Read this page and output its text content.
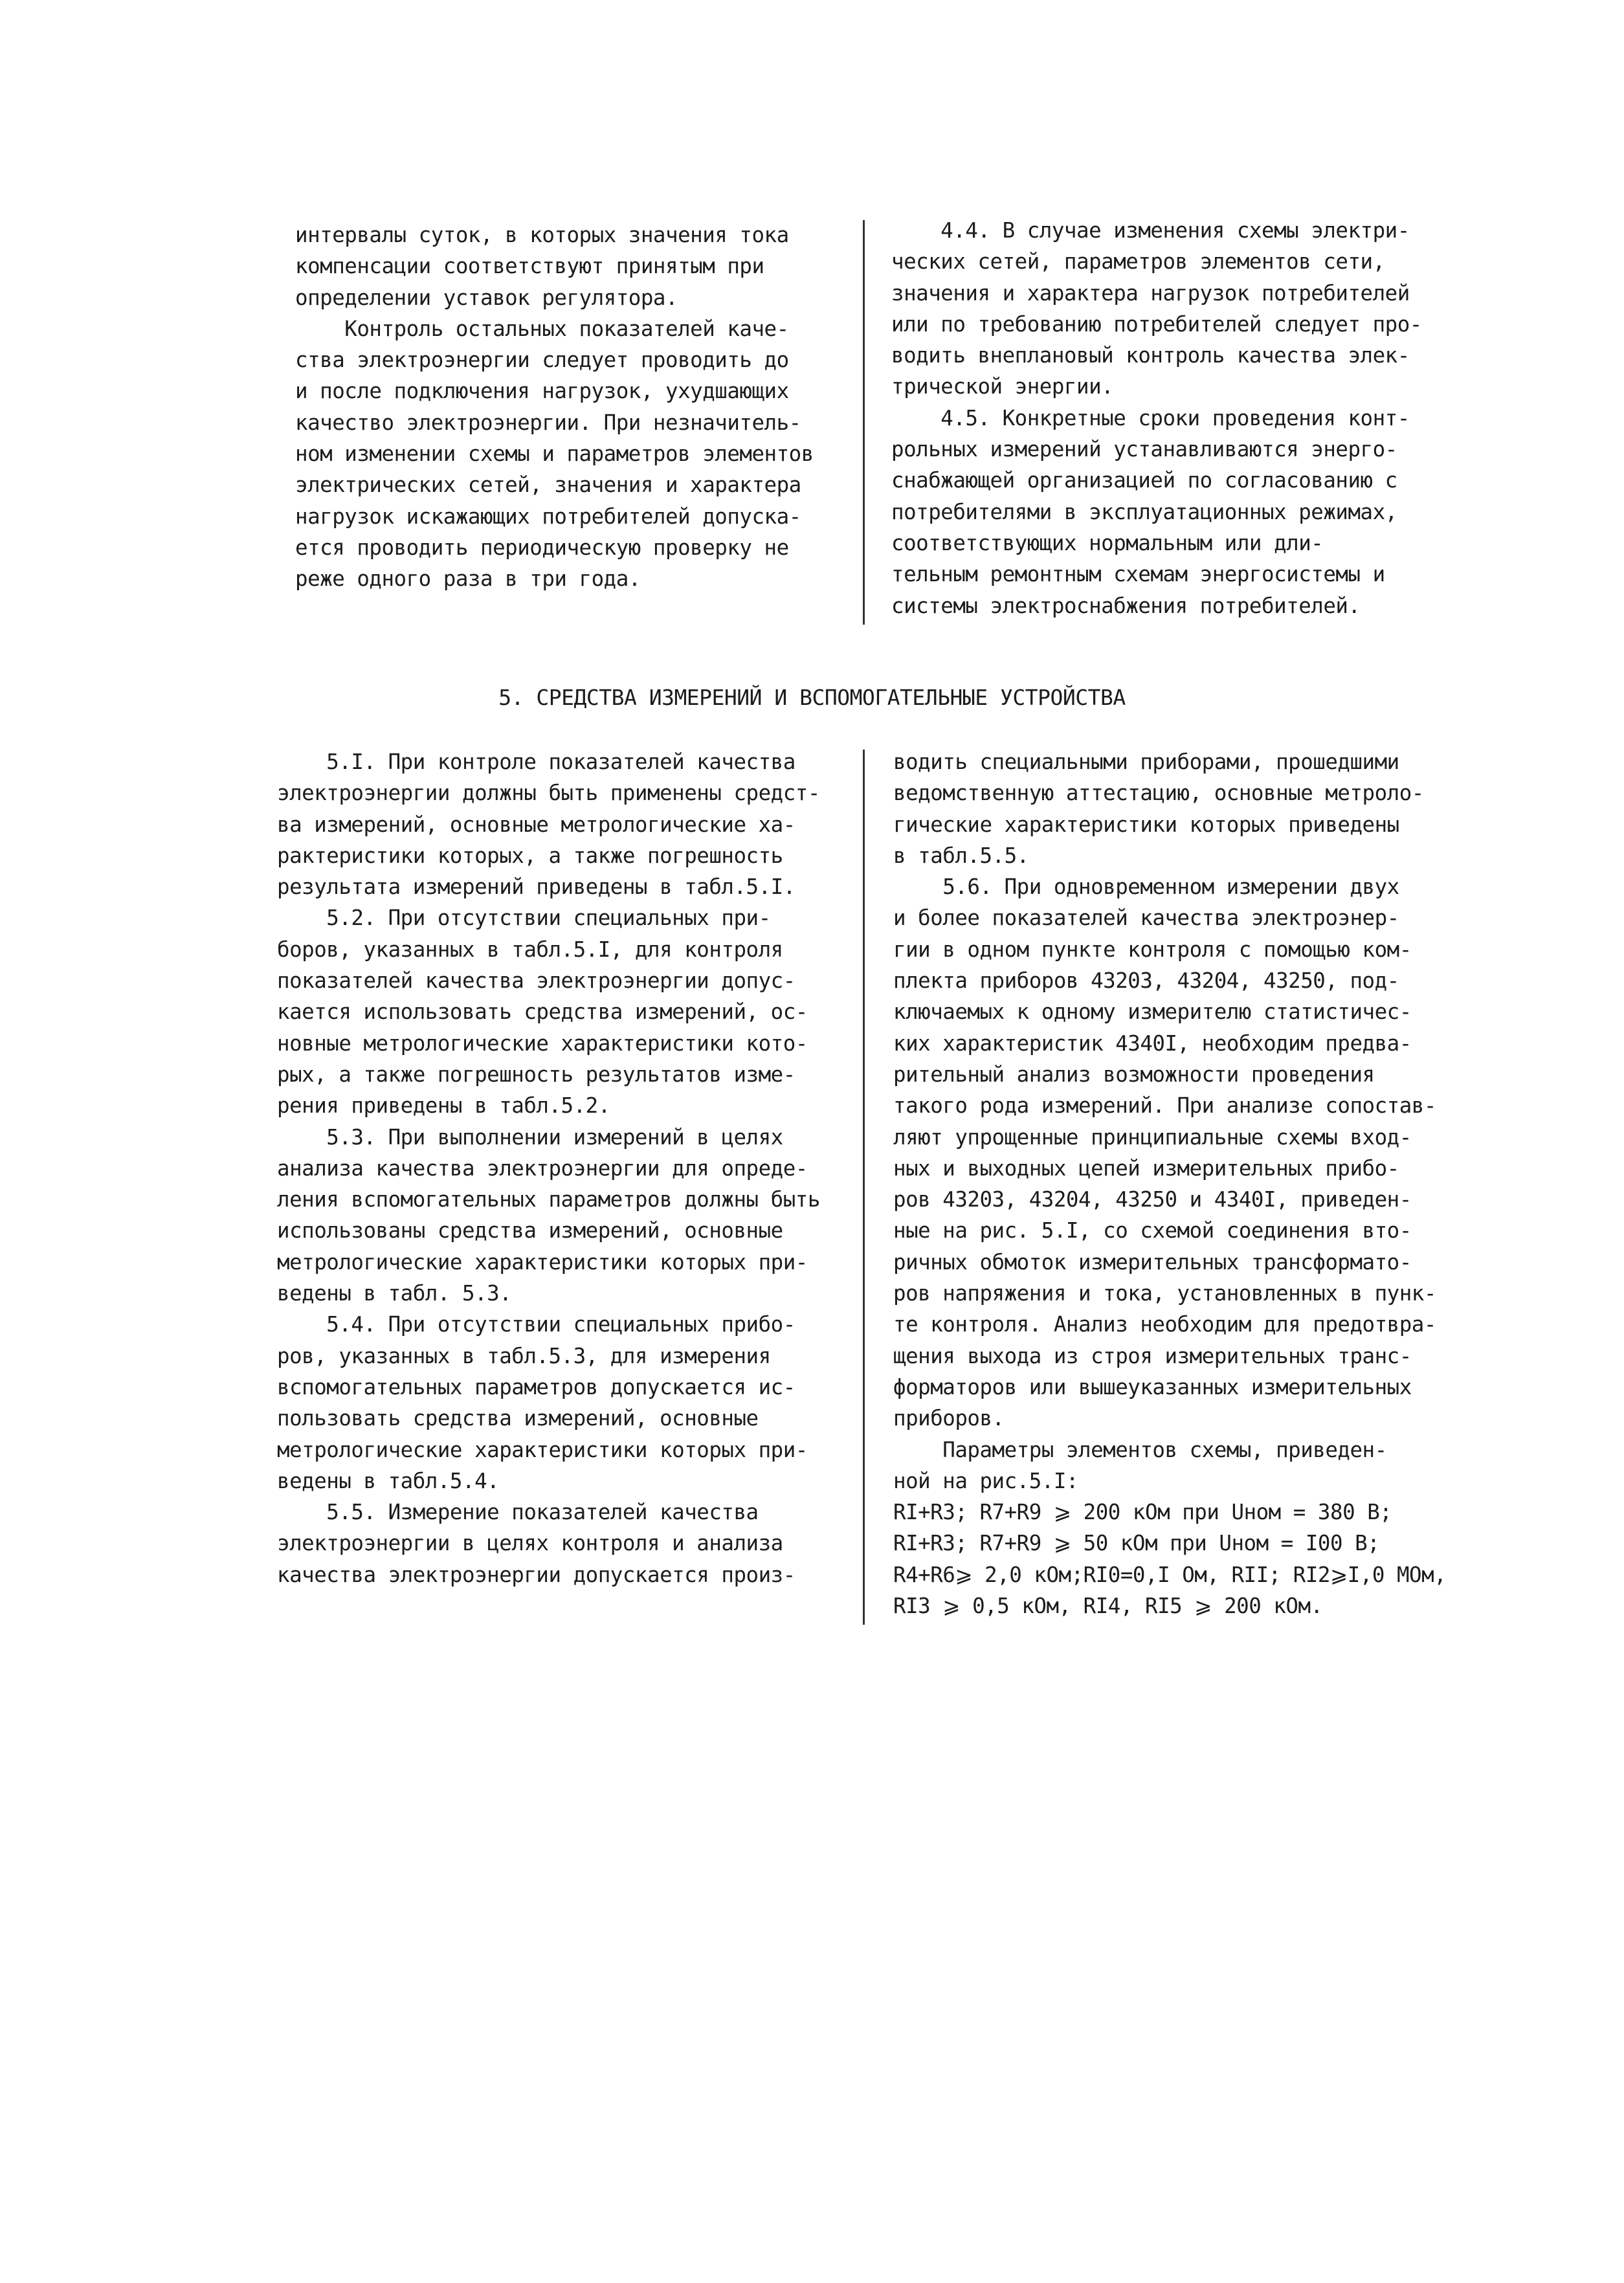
интервалы суток, в которых значения тока
компенсации соответствуют принятым при
определении уставок регулятора.
Контроль остальных показателей каче-
ства электроэнергии следует проводить до
и после подключения нагрузок, ухудшающих
качество электроэнергии. При незначитель-
ном изменении схемы и параметров элементов
электрических сетей, значения и характера
нагрузок искажающих потребителей допуска-
ется проводить периодическую проверку не
реже одного раза в три года.
4.4. В случае изменения схемы электри-
ческих сетей, параметров элементов сети,
значения и характера нагрузок потребителей
или по требованию потребителей следует про-
водить внеплановый контроль качества элек-
трической энергии.
4.5. Конкретные сроки проведения конт-
рольных измерений устанавливаются энерго-
снабжающей организацией по согласованию с
потребителями в эксплуатационных режимах,
соответствующих нормальным или дли-
тельным ремонтным схемам энергосистемы и
системы электроснабжения потребителей.
5. СРЕДСТВА ИЗМЕРЕНИЙ И ВСПОМОГАТЕЛЬНЫЕ УСТРОЙСТВА
5.I. При контроле показателей качества
электроэнергии должны быть применены средст-
ва измерений, основные метрологические ха-
рактеристики которых, а также погрешность
результата измерений приведены в табл.5.I.
5.2. При отсутствии специальных при-
боров, указанных в табл.5.I, для контроля
показателей качества электроэнергии допус-
кается использовать средства измерений, ос-
новные метрологические характеристики кото-
рых, а также погрешность результатов изме-
рения приведены в табл.5.2.
5.3. При выполнении измерений в целях
анализа качества электроэнергии для опреде-
ления вспомогательных параметров должны быть
использованы средства измерений, основные
метрологические характеристики которых при-
ведены в табл. 5.3.
5.4. При отсутствии специальных прибо-
ров, указанных в табл.5.3, для измерения
вспомогательных параметров допускается ис-
пользовать средства измерений, основные
метрологические характеристики которых при-
ведены в табл.5.4.
5.5. Измерение показателей качества
электроэнергии в целях контроля и анализа
качества электроэнергии допускается произ-
водить специальными приборами, прошедшими
ведомственную аттестацию, основные метроло-
гические характеристики которых приведены
в табл.5.5.
5.6. При одновременном измерении двух
и более показателей качества электроэнер-
гии в одном пункте контроля с помощью ком-
плекта приборов 43203, 43204, 43250, под-
ключаемых к одному измерителю статистичес-
ких характеристик 4340I, необходим предва-
рительный анализ возможности проведения
такого рода измерений. При анализе сопостав-
ляют упрощенные принципиальные схемы вход-
ных и выходных цепей измерительных прибо-
ров 43203, 43204, 43250 и 4340I, приведен-
ные на рис. 5.I, со схемой соединения вто-
ричных обмоток измерительных трансформато-
ров напряжения и тока, установленных в пунк-
те контроля. Анализ необходим для предотвра-
щения выхода из строя измерительных транс-
форматоров или вышеуказанных измерительных
приборов.
Параметры элементов схемы, приведен-
ной на рис.5.I:
RI+R3; R7+R9 ⩾ 200 кОм при Uном = 380 В;
RI+R3; R7+R9 ⩾ 50 кОм при Uном = I00 В;
R4+R6⩾ 2,0 кОм;RI0=0,I Ом, RII; RI2⩾I,0 МОм,
RI3 ⩾ 0,5 кОм, RI4, RI5 ⩾ 200 кОм.
